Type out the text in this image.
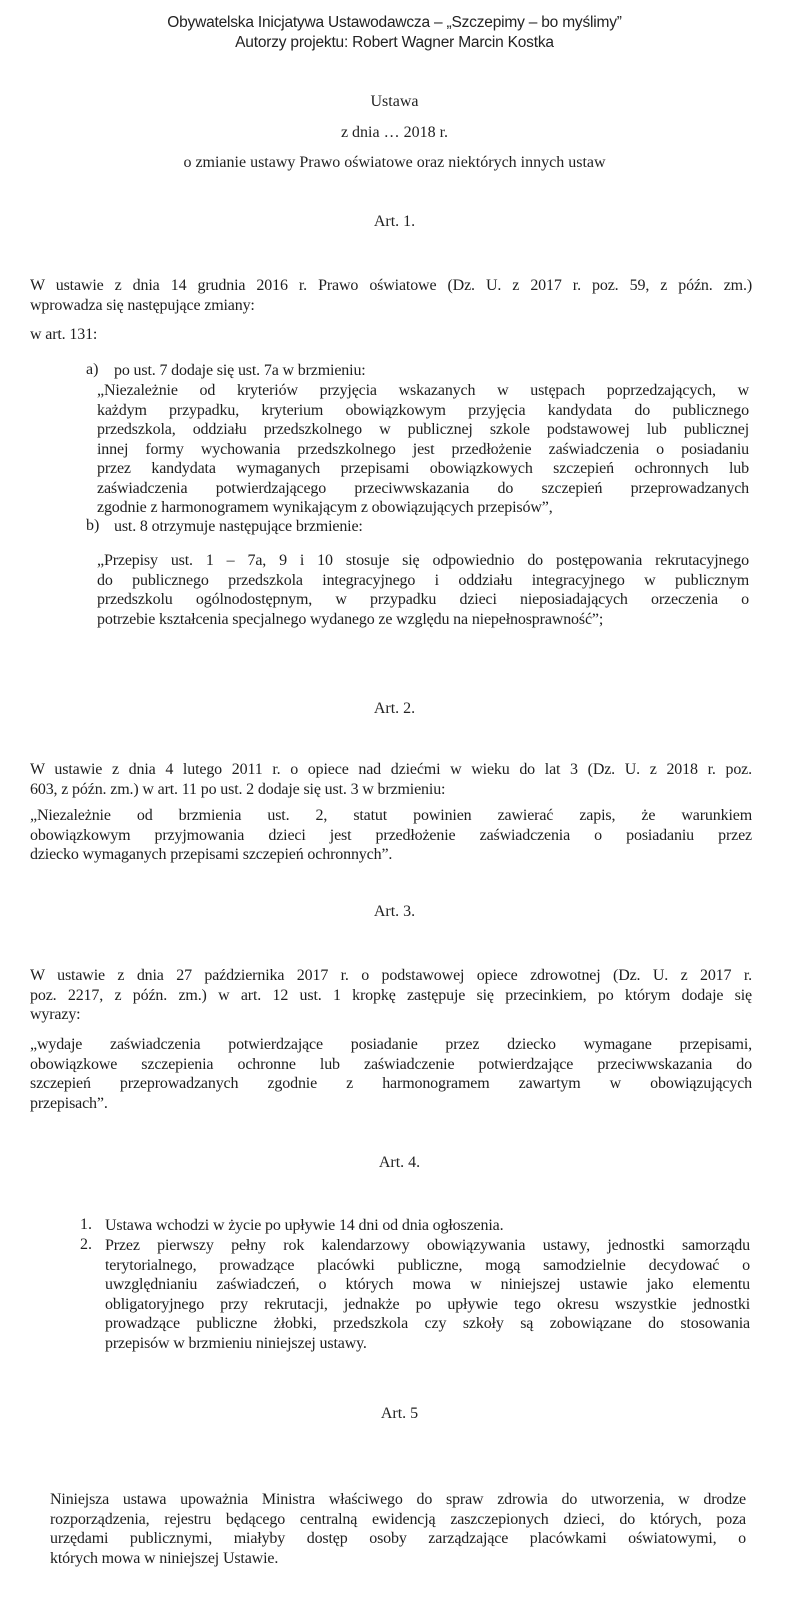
Obywatelska Inicjatywa Ustawodawcza – „Szczepimy – bo myślimy”
Autorzy projektu: Robert Wagner Marcin Kostka
Ustawa
z dnia … 2018 r.
o zmianie ustawy Prawo oświatowe oraz niektórych innych ustaw
Art. 1.
W ustawie z dnia 14 grudnia 2016 r. Prawo oświatowe (Dz. U. z 2017 r. poz. 59, z późn. zm.)
wprowadza się następujące zmiany:
w art. 131:
a) po ust. 7 dodaje się ust. 7a w brzmieniu:
„Niezależnie od kryteriów przyjęcia wskazanych w ustępach poprzedzających, w
każdym przypadku, kryterium obowiązkowym przyjęcia kandydata do publicznego
przedszkola, oddziału przedszkolnego w publicznej szkole podstawowej lub publicznej
innej formy wychowania przedszkolnego jest przedłożenie zaświadczenia o posiadaniu
przez kandydata wymaganych przepisami obowiązkowych szczepień ochronnych lub
zaświadczenia potwierdzającego przeciwwskazania do szczepień przeprowadzanych
zgodnie z harmonogramem wynikającym z obowiązujących przepisów”,
b) ust. 8 otrzymuje następujące brzmienie:
„Przepisy ust. 1 – 7a, 9 i 10 stosuje się odpowiednio do postępowania rekrutacyjnego
do publicznego przedszkola integracyjnego i oddziału integracyjnego w publicznym
przedszkolu ogólnodostępnym, w przypadku dzieci nieposiadających orzeczenia o
potrzebie kształcenia specjalnego wydanego ze względu na niepełnosprawność”;
Art. 2.
W ustawie z dnia 4 lutego 2011 r. o opiece nad dziećmi w wieku do lat 3 (Dz. U. z 2018 r. poz.
603, z późn. zm.) w art. 11 po ust. 2 dodaje się ust. 3 w brzmieniu:
„Niezależnie od brzmienia ust. 2, statut powinien zawierać zapis, że warunkiem
obowiązkowym przyjmowania dzieci jest przedłożenie zaświadczenia o posiadaniu przez
dziecko wymaganych przepisami szczepień ochronnych”.
Art. 3.
W ustawie z dnia 27 października 2017 r. o podstawowej opiece zdrowotnej (Dz. U. z 2017 r.
poz. 2217, z późn. zm.) w art. 12 ust. 1 kropkę zastępuje się przecinkiem, po którym dodaje się
wyrazy:
„wydaje zaświadczenia potwierdzające posiadanie przez dziecko wymagane przepisami,
obowiązkowe szczepienia ochronne lub zaświadczenie potwierdzające przeciwwskazania do
szczepień przeprowadzanych zgodnie z harmonogramem zawartym w obowiązujących
przepisach”.
Art. 4.
1. Ustawa wchodzi w życie po upływie 14 dni od dnia ogłoszenia.
2. Przez pierwszy pełny rok kalendarzowy obowiązywania ustawy, jednostki samorządu
terytorialnego, prowadzące placówki publiczne, mogą samodzielnie decydować o
uwzględnianiu zaświadczeń, o których mowa w niniejszej ustawie jako elementu
obligatoryjnego przy rekrutacji, jednakże po upływie tego okresu wszystkie jednostki
prowadzące publiczne żłobki, przedszkola czy szkoły są zobowiązane do stosowania
przepisów w brzmieniu niniejszej ustawy.
Art. 5
Niniejsza ustawa upoważnia Ministra właściwego do spraw zdrowia do utworzenia, w drodze
rozporządzenia, rejestru będącego centralną ewidencją zaszczepionych dzieci, do których, poza
urzędami publicznymi, miałyby dostęp osoby zarządzające placówkami oświatowymi, o
których mowa w niniejszej Ustawie.
